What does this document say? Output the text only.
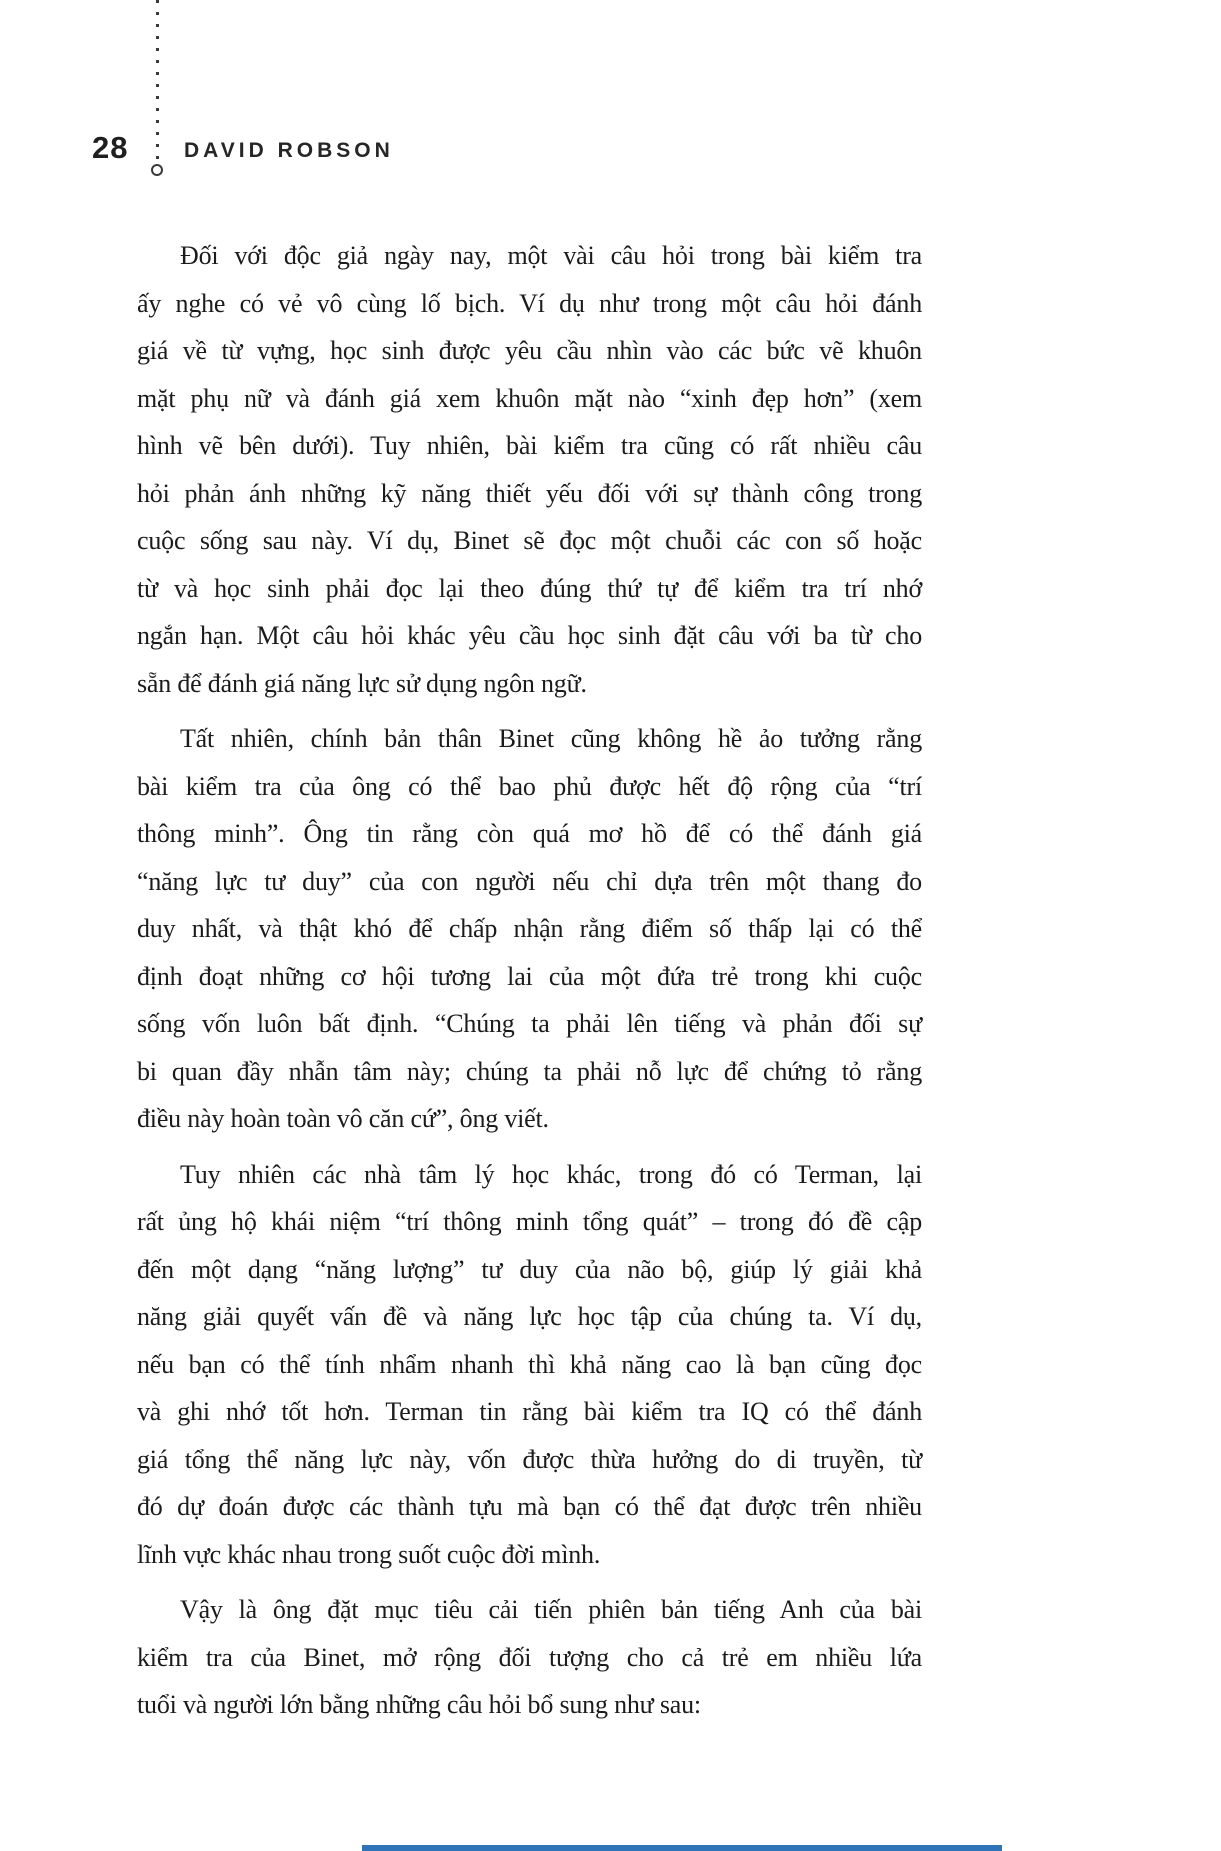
28	DAVID ROBSON
Đối với độc giả ngày nay, một vài câu hỏi trong bài kiểm tra
ấy nghe có vẻ vô cùng lố bịch. Ví dụ như trong một câu hỏi đánh
giá về từ vựng, học sinh được yêu cầu nhìn vào các bức vẽ khuôn
mặt phụ nữ và đánh giá xem khuôn mặt nào “xinh đẹp hơn” (xem
hình vẽ bên dưới). Tuy nhiên, bài kiểm tra cũng có rất nhiều câu
hỏi phản ánh những kỹ năng thiết yếu đối với sự thành công trong
cuộc sống sau này. Ví dụ, Binet sẽ đọc một chuỗi các con số hoặc
từ và học sinh phải đọc lại theo đúng thứ tự để kiểm tra trí nhớ
ngắn hạn. Một câu hỏi khác yêu cầu học sinh đặt câu với ba từ cho
sẵn để đánh giá năng lực sử dụng ngôn ngữ.
Tất nhiên, chính bản thân Binet cũng không hề ảo tưởng rằng
bài kiểm tra của ông có thể bao phủ được hết độ rộng của “trí
thông minh”. Ông tin rằng còn quá mơ hồ để có thể đánh giá
“năng lực tư duy” của con người nếu chỉ dựa trên một thang đo
duy nhất, và thật khó để chấp nhận rằng điểm số thấp lại có thể
định đoạt những cơ hội tương lai của một đứa trẻ trong khi cuộc
sống vốn luôn bất định. “Chúng ta phải lên tiếng và phản đối sự
bi quan đầy nhẫn tâm này; chúng ta phải nỗ lực để chứng tỏ rằng
điều này hoàn toàn vô căn cứ”, ông viết.
Tuy nhiên các nhà tâm lý học khác, trong đó có Terman, lại
rất ủng hộ khái niệm “trí thông minh tổng quát” – trong đó đề cập
đến một dạng “năng lượng” tư duy của não bộ, giúp lý giải khả
năng giải quyết vấn đề và năng lực học tập của chúng ta. Ví dụ,
nếu bạn có thể tính nhẩm nhanh thì khả năng cao là bạn cũng đọc
và ghi nhớ tốt hơn. Terman tin rằng bài kiểm tra IQ có thể đánh
giá tổng thể năng lực này, vốn được thừa hưởng do di truyền, từ
đó dự đoán được các thành tựu mà bạn có thể đạt được trên nhiều
lĩnh vực khác nhau trong suốt cuộc đời mình.
Vậy là ông đặt mục tiêu cải tiến phiên bản tiếng Anh của bài
kiểm tra của Binet, mở rộng đối tượng cho cả trẻ em nhiều lứa
tuổi và người lớn bằng những câu hỏi bổ sung như sau:
